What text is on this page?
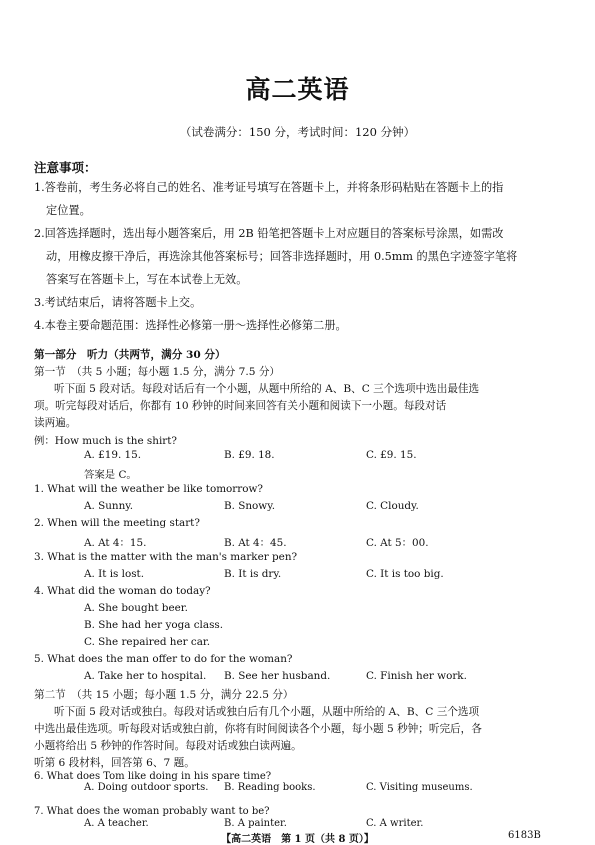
高二英语
（试卷满分：150 分，考试时间：120 分钟）
注意事项：
1.答卷前，考生务必将自己的姓名、准考证号填写在答题卡上，并将条形码粘贴在答题卡上的指
定位置。
2.回答选择题时，选出每小题答案后，用 2B 铅笔把答题卡上对应题目的答案标号涂黑，如需改
动，用橡皮擦干净后，再选涂其他答案标号；回答非选择题时，用 0.5mm 的黑色字迹签字笔将
答案写在答题卡上，写在本试卷上无效。
3.考试结束后，请将答题卡上交。
4.本卷主要命题范围：选择性必修第一册～选择性必修第二册。
第一部分　听力（共两节，满分 30 分）
第一节　（共 5 小题；每小题 1.5 分，满分 7.5 分）
听下面 5 段对话。每段对话后有一个小题，从题中所给的 A、B、C 三个选项中选出最佳选
项。听完每段对话后，你都有 10 秒钟的时间来回答有关小题和阅读下一小题。每段对话
读两遍。
例：How much is the shirt?
A. £19. 15.	B. £9. 18.	C. £9. 15.
答案是 C。
1. What will the weather be like tomorrow?
A. Sunny.	B. Snowy.	C. Cloudy.
2. When will the meeting start?
A. At 4：15.	B. At 4：45.	C. At 5：00.
3. What is the matter with the man's marker pen?
A. It is lost.	B. It is dry.	C. It is too big.
4. What did the woman do today?
A. She bought beer.
B. She had her yoga class.
C. She repaired her car.
5. What does the man offer to do for the woman?
A. Take her to hospital. B. See her husband.	C. Finish her work.
第二节　（共 15 小题；每小题 1.5 分，满分 22.5 分）
听下面 5 段对话或独白。每段对话或独白后有几个小题，从题中所给的 A、B、C 三个选项
中选出最佳选项。听每段对话或独白前，你将有时间阅读各个小题，每小题 5 秒钟；听完后，各
小题将给出 5 秒钟的作答时间。每段对话或独白读两遍。
听第 6 段材料，回答第 6、7 题。
6. What does Tom like doing in his spare time?
A. Doing outdoor sports. B. Reading books.	C. Visiting museums.
7. What does the woman probably want to be?
A. A teacher.	B. A painter.	C. A writer.
【高二英语　第 1 页（共 8 页）】	6183B
